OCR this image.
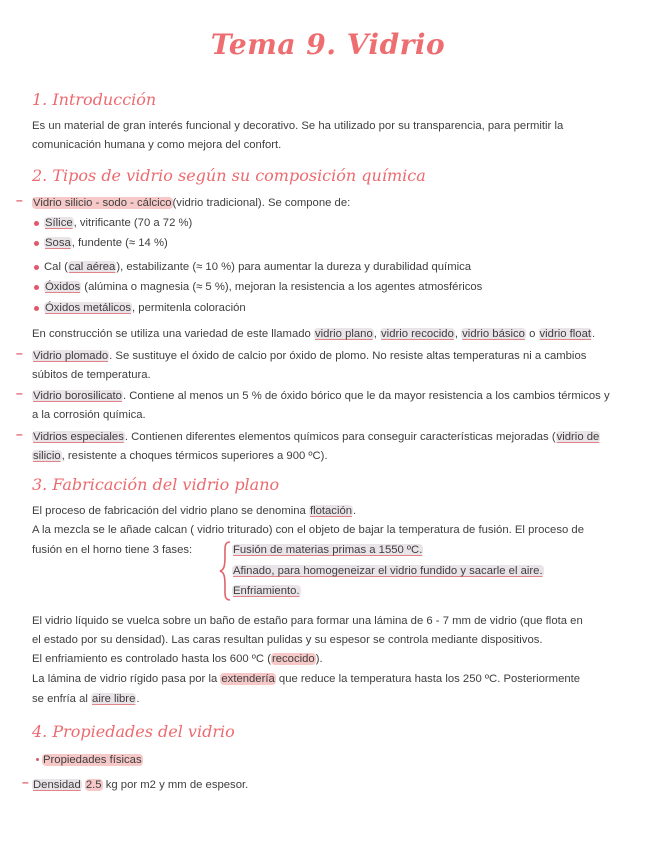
Tema 9. Vidrio
1. Introducción
Es un material de gran interés funcional y decorativo. Se ha utilizado por su transparencia, para permitir la
comunicación humana y como mejora del confort.
2. Tipos de vidrio según su composición química
– Vidrio silicio - sodo - cálcico(vidrio tradicional). Se compone de:
Sílice, vitrificante (70 a 72 %)
Sosa, fundente (≈ 14 %)
Cal (cal aérea), estabilizante (≈ 10 %) para aumentar la dureza y durabilidad química
Óxidos (alúmina o magnesia (≈ 5 %), mejoran la resistencia a los agentes atmosféricos
Óxidos metálicos, permitenla coloración
En construcción se utiliza una variedad de este llamado vidrio plano, vidrio recocido, vidrio básico o vidrio float.
– Vidrio plomado. Se sustituye el óxido de calcio por óxido de plomo. No resiste altas temperaturas ni a cambios
súbitos de temperatura.
– Vidrio borosilicato. Contiene al menos un 5 % de óxido bórico que le da mayor resistencia a los cambios térmicos y
a la corrosión química.
– Vidrios especiales. Contienen diferentes elementos químicos para conseguir características mejoradas (vidrio de
silicio, resistente a choques térmicos superiores a 900 ºC).
3. Fabricación del vidrio plano
El proceso de fabricación del vidrio plano se denomina flotación.
A la mezcla se le añade calcan ( vidrio triturado) con el objeto de bajar la temperatura de fusión. El proceso de
fusión en el horno tiene 3 fases:	Fusión de materias primas a 1550 ºC.
Afinado, para homogeneizar el vidrio fundido y sacarle el aire.
Enfriamiento.
El vidrio líquido se vuelca sobre un baño de estaño para formar una lámina de 6 - 7 mm de vidrio (que flota en
el estado por su densidad). Las caras resultan pulidas y su espesor se controla mediante dispositivos.
El enfriamiento es controlado hasta los 600 ºC (recocido).
La lámina de vidrio rígido pasa por la extendería que reduce la temperatura hasta los 250 ºC. Posteriormente
se enfría al aire libre.
4. Propiedades del vidrio
Propiedades físicas
– Densidad 2.5 kg por m2 y mm de espesor.
